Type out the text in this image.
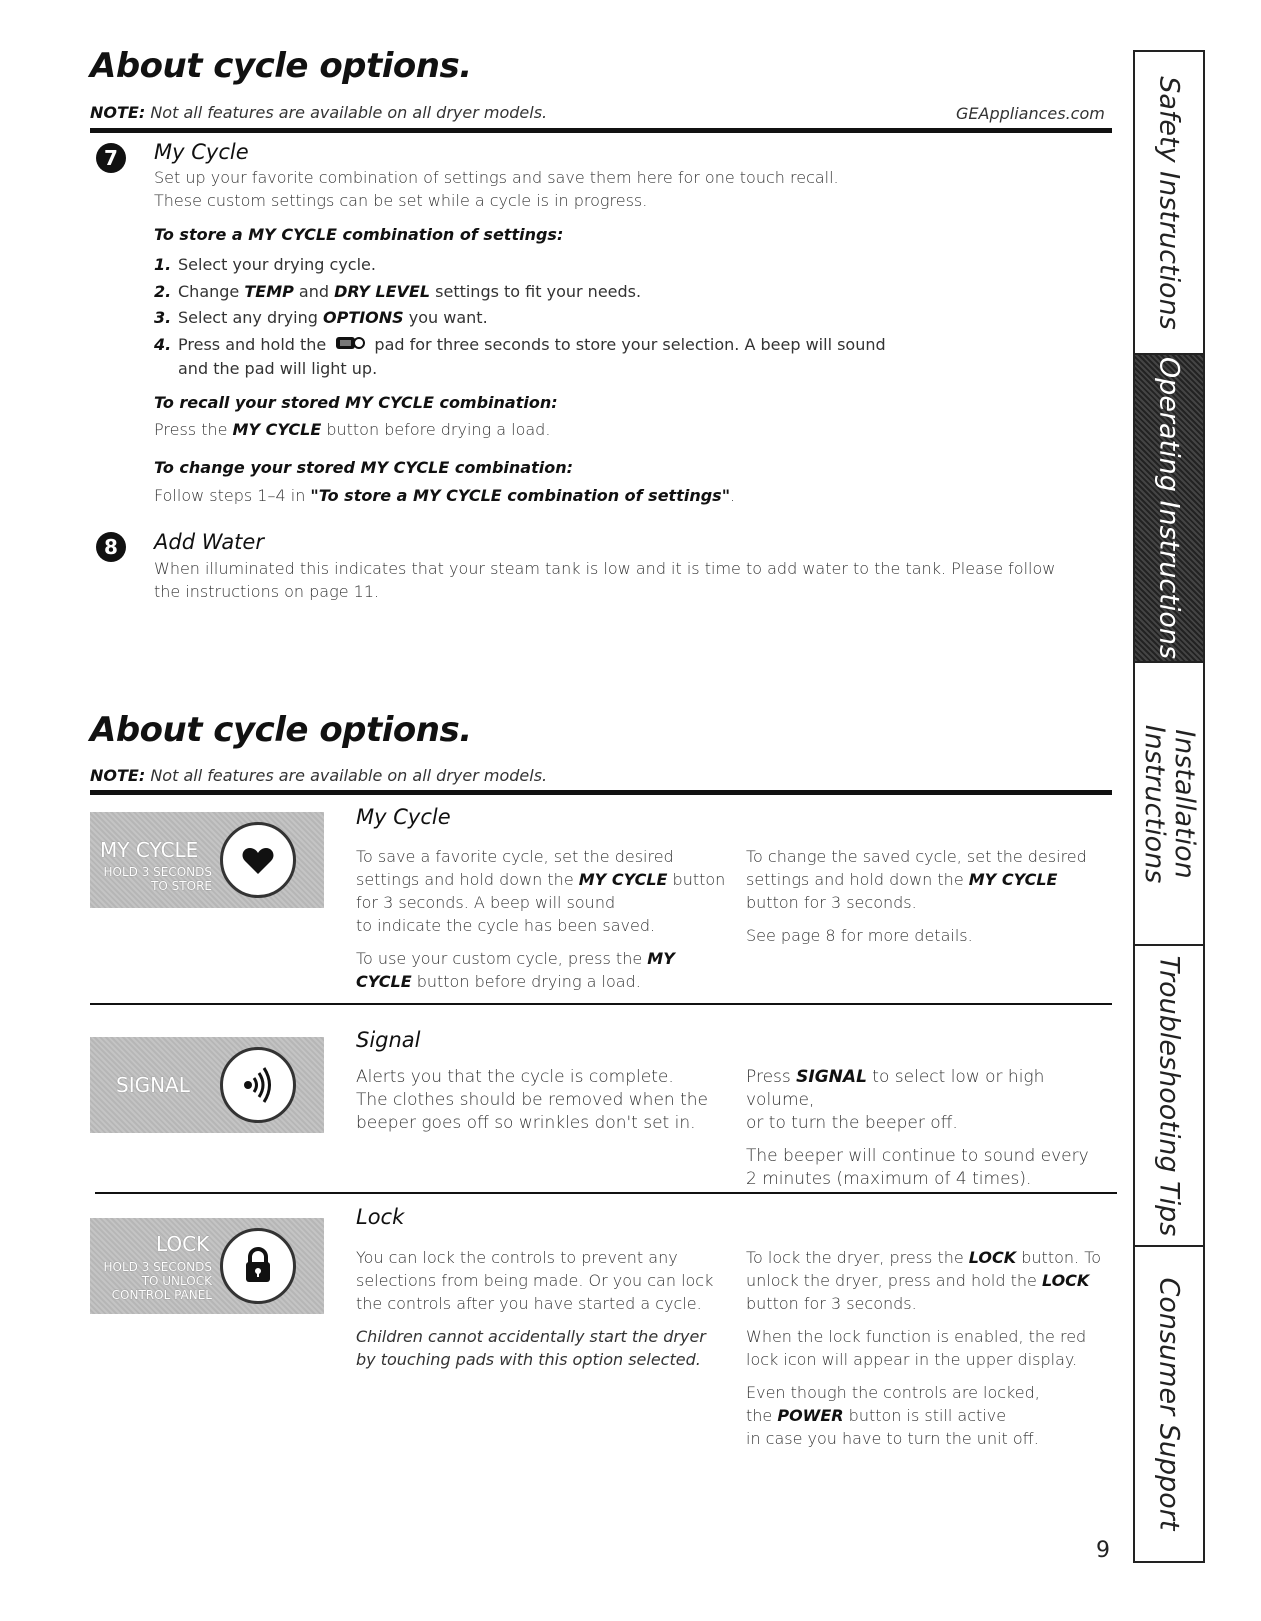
About cycle options.
NOTE: Not all features are available on all dryer models.	GEAppliances.com
7	My Cycle
Set up your favorite combination of settings and save them here for one touch recall.
These custom settings can be set while a cycle is in progress.
To store a MY CYCLE combination of settings:
1. Select your drying cycle.
2. Change TEMP and DRY LEVEL settings to fit your needs.
3. Select any drying OPTIONS you want.
4. Press and hold the  pad for three seconds to store your selection. A beep will sound
and the pad will light up.
To recall your stored MY CYCLE combination:
Press the MY CYCLE button before drying a load.
To change your stored MY CYCLE combination:
Follow steps 1–4 in "To store a MY CYCLE combination of settings".
8	Add Water
When illuminated this indicates that your steam tank is low and it is time to add water to the tank. Please follow
the instructions on page 11.
About cycle options.
NOTE: Not all features are available on all dryer models.
MY CYCLE
HOLD 3 SECONDS
TO STORE
My Cycle
To save a favorite cycle, set the desired
settings and hold down the MY CYCLE button
for 3 seconds. A beep will sound
to indicate the cycle has been saved.
To use your custom cycle, press the MY
CYCLE button before drying a load.
To change the saved cycle, set the desired
settings and hold down the MY CYCLE
button for 3 seconds.
See page 8 for more details.
SIGNAL
Signal
Alerts you that the cycle is complete.
The clothes should be removed when the
beeper goes off so wrinkles don't set in.
Press SIGNAL to select low or high volume,
or to turn the beeper off.
The beeper will continue to sound every
2 minutes (maximum of 4 times).
LOCK
HOLD 3 SECONDS
TO UNLOCK
CONTROL PANEL
Lock
You can lock the controls to prevent any
selections from being made. Or you can lock
the controls after you have started a cycle.
Children cannot accidentally start the dryer
by touching pads with this option selected.
To lock the dryer, press the LOCK button. To
unlock the dryer, press and hold the LOCK
button for 3 seconds.
When the lock function is enabled, the red
lock icon will appear in the upper display.
Even though the controls are locked,
the POWER button is still active
in case you have to turn the unit off.
9
Safety Instructions
Operating Instructions
Installation Instructions
Troubleshooting Tips
Consumer Support
